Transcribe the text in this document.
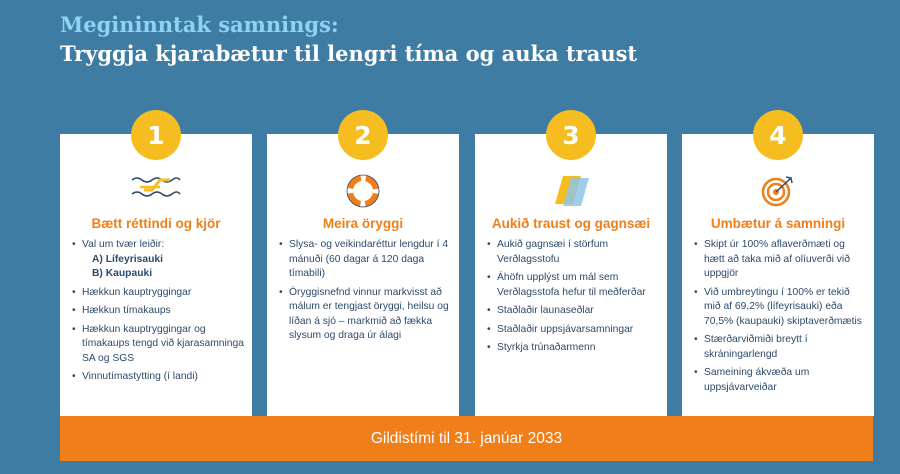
Megininntak samnings:
Tryggja kjarabætur til lengri tíma og auka traust
Bætt réttindi og kjör
• Val um tvær leiðir:
A) Lífeyrisauki
B) Kaupauki
• Hækkun kauptryggingar
• Hækkun tímakaups
• Hækkun kauptryggingar og tímakaups tengd við kjarasamninga SA og SGS
• Vinnutímastytting (í landi)
1
Meira öryggi
• Slysa- og veikindaréttur lengdur í 4 mánuði (60 dagar á 120 daga tímabili)
• Öryggisnefnd vinnur markvisst að málum er tengjast öryggi, heilsu og líðan á sjó – markmið að fækka slysum og draga úr álagi
2
Aukið traust og gagnsæi
• Aukið gagnsæi í störfum Verðlagsstofu
• Áhöfn upplýst um mál sem Verðlagsstofa hefur til meðferðar
• Staðlaðir launaseðlar
• Staðlaðir uppsjávarsamningar
• Styrkja trúnaðarmenn
3
Umbætur á samningi
• Skipt úr 100% aflaverðmæti og hætt að taka mið af olíuverði við uppgjör
• Við umbreytingu í 100% er tekið mið af 69,2% (lífeyrisauki) eða 70,5% (kaupauki) skiptaverðmætis
• Stærðarviðmiði breytt í skráningarlengd
• Sameining ákvæða um uppsjávarveiðar
4
Gildistími til 31. janúar 2033
